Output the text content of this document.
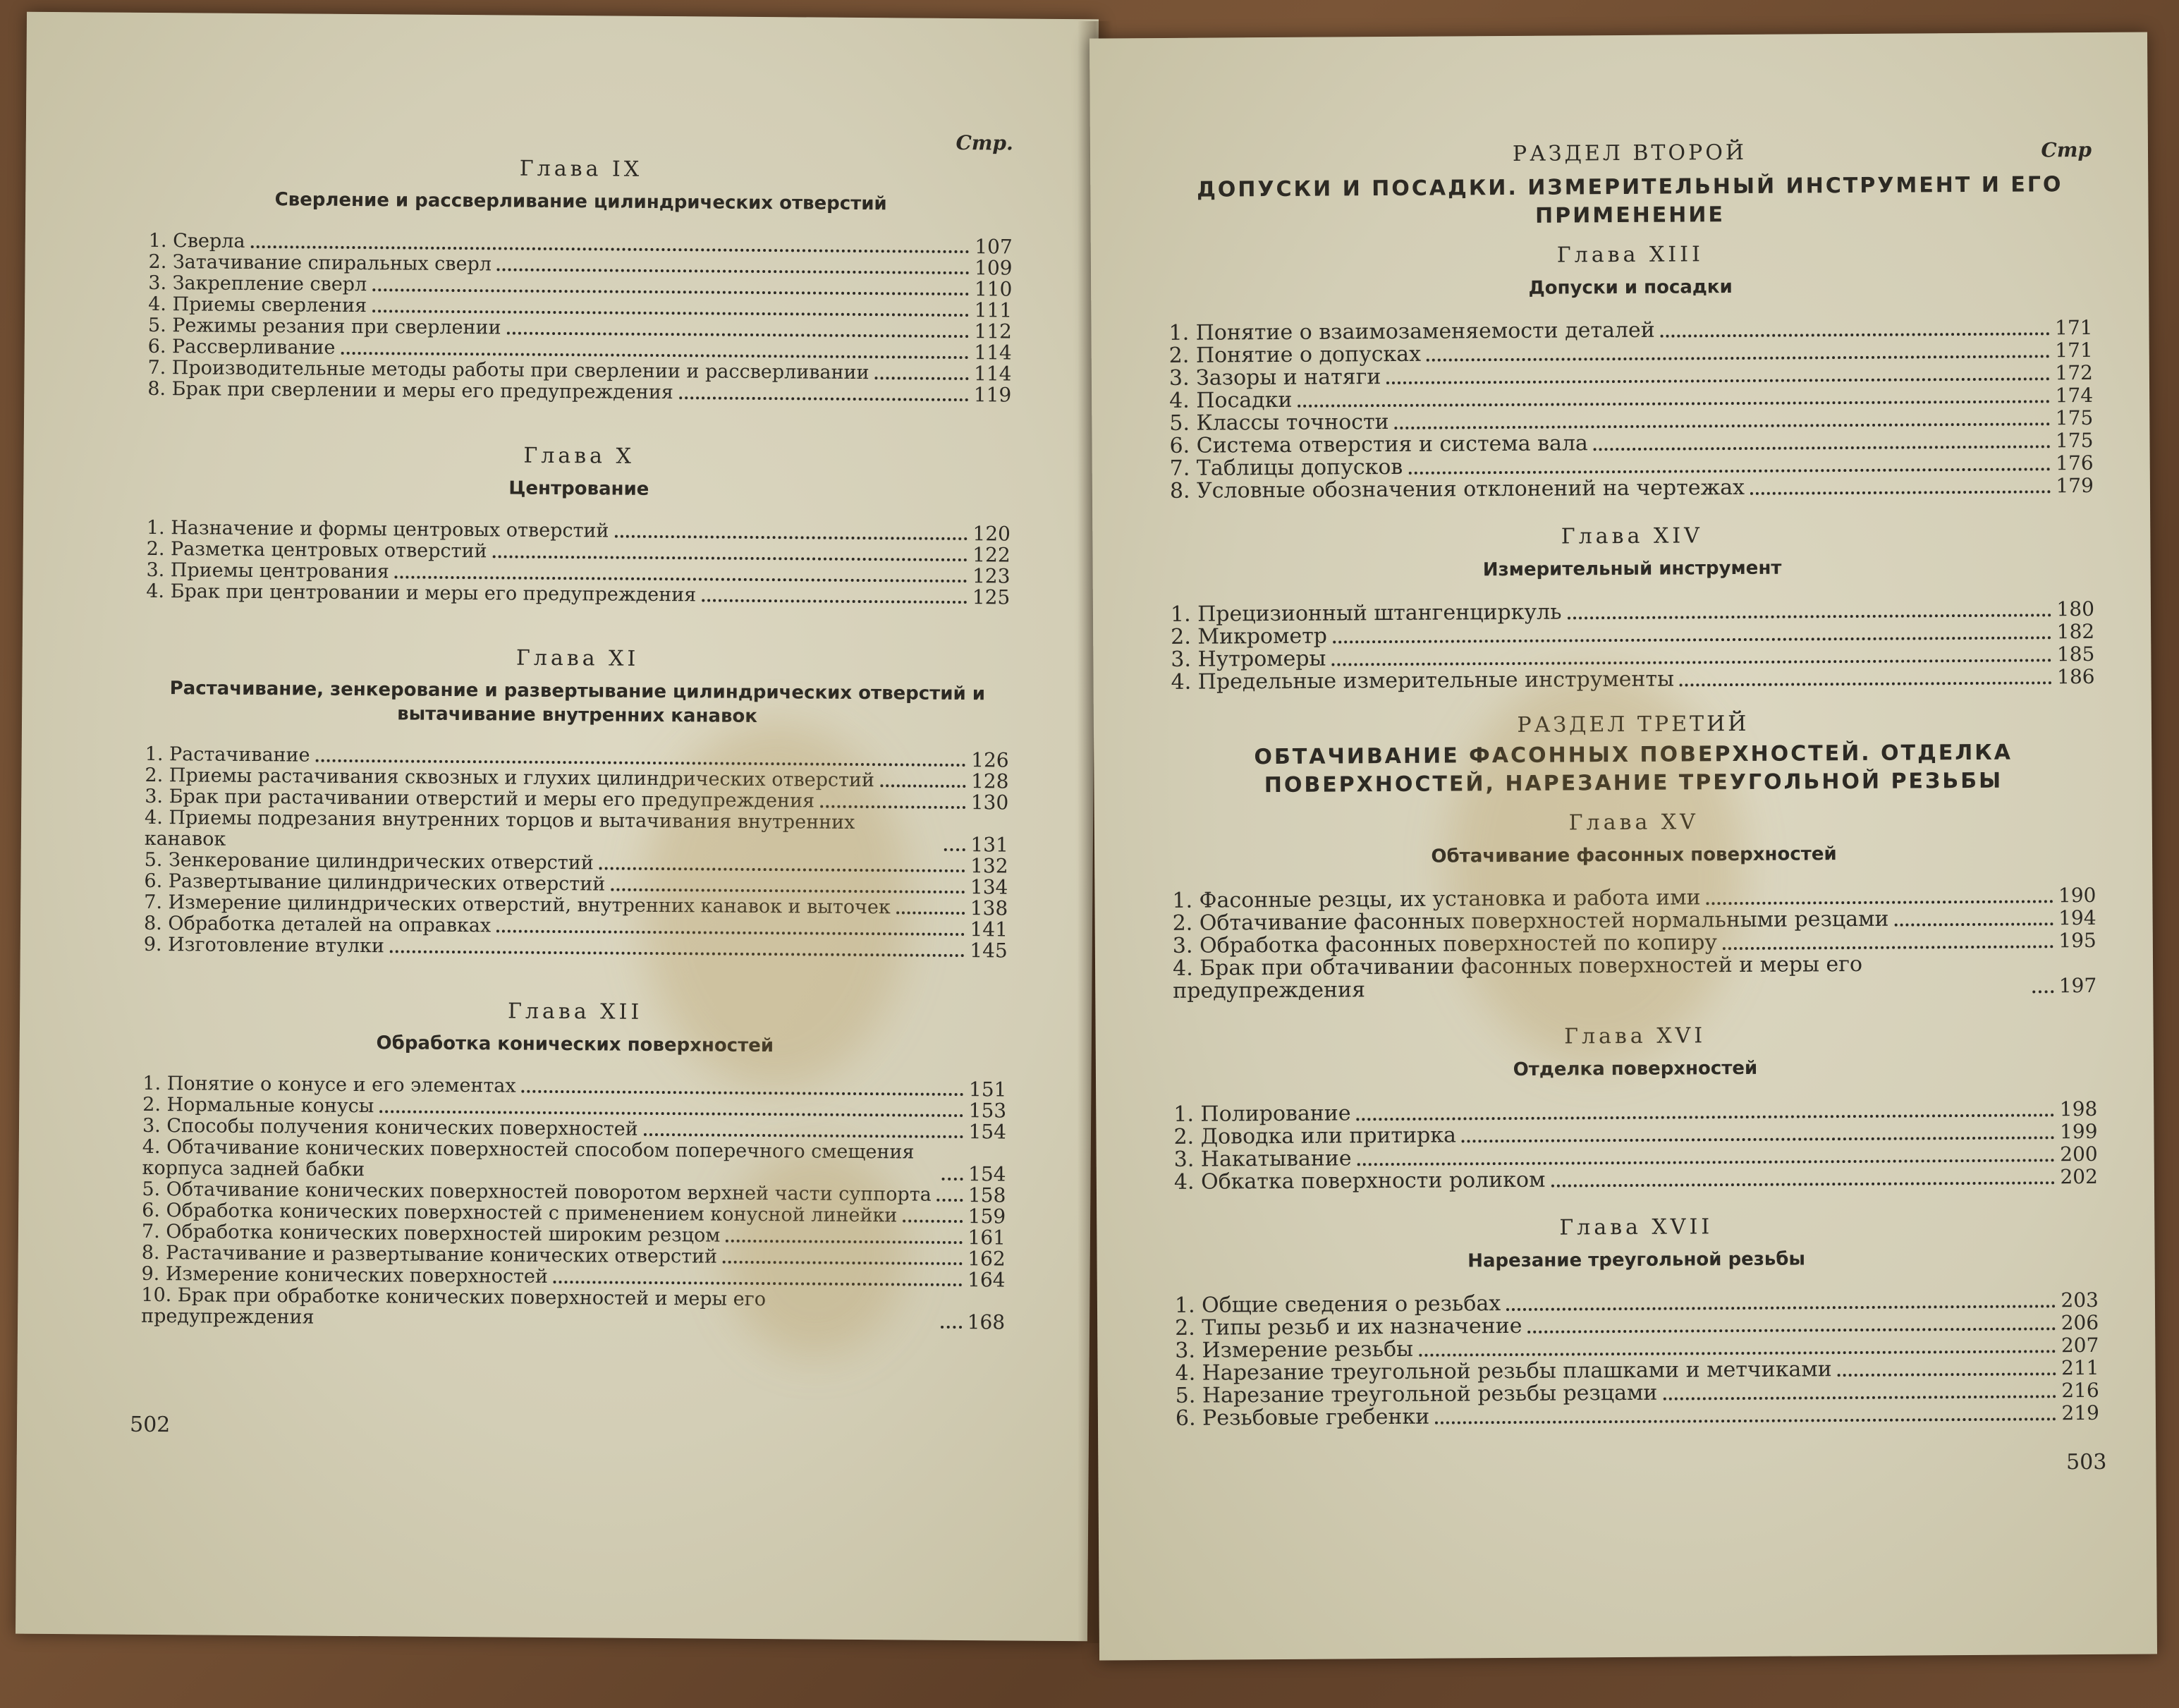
Стр.

Глава IX

Сверление и рассверливание цилиндрических отверстий

1. Сверла	107
2. Затачивание спиральных сверл	109
3. Закрепление сверл	110
4. Приемы сверления	111
5. Режимы резания при сверлении	112
6. Рассверливание	114
7. Производительные методы работы при сверлении и рассверливании	114
8. Брак при сверлении и меры его предупреждения	119

Глава X

Центрование

1. Назначение и формы центровых отверстий	120
2. Разметка центровых отверстий	122
3. Приемы центрования	123
4. Брак при центровании и меры его предупреждения	125

Глава XI

Растачивание, зенкерование и развертывание цилиндрических отверстий и вытачивание внутренних канавок

1. Растачивание	126
2. Приемы растачивания сквозных и глухих цилиндрических отверстий	128
3. Брак при растачивании отверстий и меры его предупреждения	130
4. Приемы подрезания внутренних торцов и вытачивания внутренних канавок	131
5. Зенкерование цилиндрических отверстий	132
6. Развертывание цилиндрических отверстий	134
7. Измерение цилиндрических отверстий, внутренних канавок и выточек	138
8. Обработка деталей на оправках	141
9. Изготовление втулки	145

Глава XII

Обработка конических поверхностей

1. Понятие о конусе и его элементах	151
2. Нормальные конусы	153
3. Способы получения конических поверхностей	154
4. Обтачивание конических поверхностей способом поперечного смещения корпуса задней бабки	154
5. Обтачивание конических поверхностей поворотом верхней части суппорта 158
6. Обработка конических поверхностей с применением конусной линейки	159
7. Обработка конических поверхностей широким резцом	161
8. Растачивание и развертывание конических отверстий	162
9. Измерение конических поверхностей	164
10. Брак при обработке конических поверхностей и меры его предупреждения	168
502

РАЗДЕЛ ВТОРОЙ	Стр
ДОПУСКИ И ПОСАДКИ. ИЗМЕРИТЕЛЬНЫЙ ИНСТРУМЕНТ И ЕГО ПРИМЕНЕНИЕ

Глава XIII

Допуски и посадки

1. Понятие о взаимозаменяемости деталей	171
2. Понятие о допусках	171
3. Зазоры и натяги	172
4. Посадки	174
5. Классы точности	175
6. Система отверстия и система вала	175
7. Таблицы допусков	176
8. Условные обозначения отклонений на чертежах	179

Глава XIV

Измерительный инструмент

1. Прецизионный штангенциркуль	180
2. Микрометр	182
3. Нутромеры	185
4. Предельные измерительные инструменты	186

РАЗДЕЛ ТРЕТИЙ

ОБТАЧИВАНИЕ ФАСОННЫХ ПОВЕРХНОСТЕЙ. ОТДЕЛКА ПОВЕРХНОСТЕЙ, НАРЕЗАНИЕ ТРЕУГОЛЬНОЙ РЕЗЬБЫ

Глава XV

Обтачивание фасонных поверхностей

1. Фасонные резцы, их установка и работа ими	190
2. Обтачивание фасонных поверхностей нормальными резцами	194
3. Обработка фасонных поверхностей по копиру	195
4. Брак при обтачивании фасонных поверхностей и меры его предупреждения	197

Глава XVI

Отделка поверхностей

1. Полирование	198
2. Доводка или притирка	199
3. Накатывание	200
4. Обкатка поверхности роликом	202

Глава XVII

Нарезание треугольной резьбы

1. Общие сведения о резьбах	203
2. Типы резьб и их назначение	206
3. Измерение резьбы	207
4. Нарезание треугольной резьбы плашками и метчиками	211
5. Нарезание треугольной резьбы резцами	216
6. Резьбовые гребенки	219
503
